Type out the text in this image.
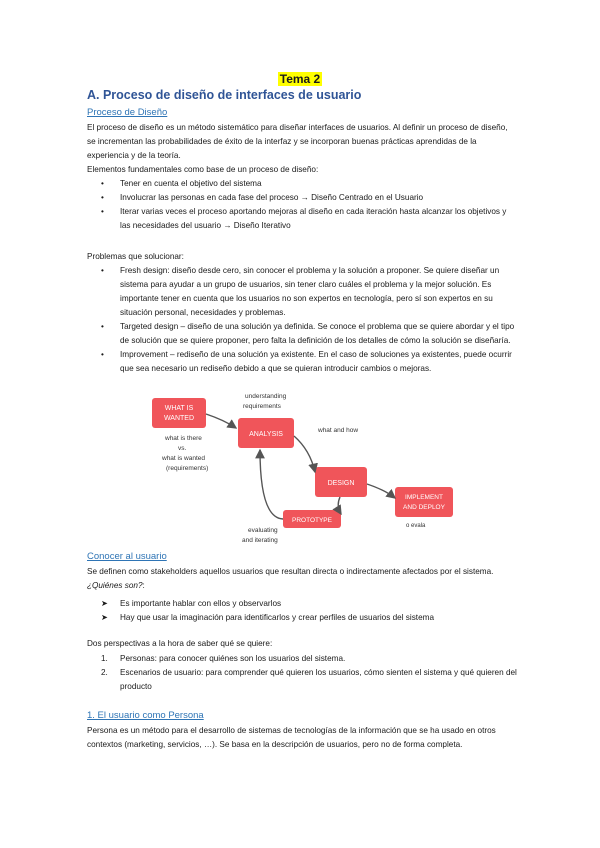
Tema 2
A. Proceso de diseño de interfaces de usuario
Proceso de Diseño

El proceso de diseño es un método sistemático para diseñar interfaces de usuarios. Al definir un proceso de diseño, se incrementan las probabilidades de éxito de la interfaz y se incorporan buenas prácticas aprendidas de la experiencia y de la teoría.

Elementos fundamentales como base de un proceso de diseño:

• Tener en cuenta el objetivo del sistema
• Involucrar las personas en cada fase del proceso → Diseño Centrado en el Usuario
• Iterar varias veces el proceso aportando mejoras al diseño en cada iteración hasta alcanzar los objetivos y las necesidades del usuario → Diseño Iterativo

Problemas que solucionar:

• Fresh design: diseño desde cero, sin conocer el problema y la solución a proponer. Se quiere diseñar un sistema para ayudar a un grupo de usuarios, sin tener claro cuáles el problema y la mejor solución. Es importante tener en cuenta que los usuarios no son expertos en tecnología, pero sí son expertos en su situación personal, necesidades y problemas.
• Targeted design – diseño de una solución ya definida. Se conoce el problema que se quiere abordar y el tipo de solución que se quiere proponer, pero falta la definición de los detalles de cómo la solución se diseñaría.
• Improvement – rediseño de una solución ya existente. En el caso de soluciones ya existentes, puede ocurrir que sea necesario un rediseño debido a que se quieran introducir cambios o mejoras.
WHAT IS
WANTED
ANALYSIS
DESIGN
IMPLEMENT
AND DEPLOY
PROTOTYPE
understanding
requirements
what and how
what is there
vs.
what is wanted
(requirements)
evaluating
and iterating
o evala
Conocer al usuario

Se definen como stakeholders aquellos usuarios que resultan directa o indirectamente afectados por el sistema. ¿Quiénes son?:

➤ Es importante hablar con ellos y observarlos
➤ Hay que usar la imaginación para identificarlos y crear perfiles de usuarios del sistema

Dos perspectivas a la hora de saber qué se quiere:

1. Personas: para conocer quiénes son los usuarios del sistema.
2. Escenarios de usuario: para comprender qué quieren los usuarios, cómo sienten el sistema y qué quieren del producto
1. El usuario como Persona

Persona es un método para el desarrollo de sistemas de tecnologías de la información que se ha usado en otros contextos (marketing, servicios, …). Se basa en la descripción de usuarios, pero no de forma completa.
